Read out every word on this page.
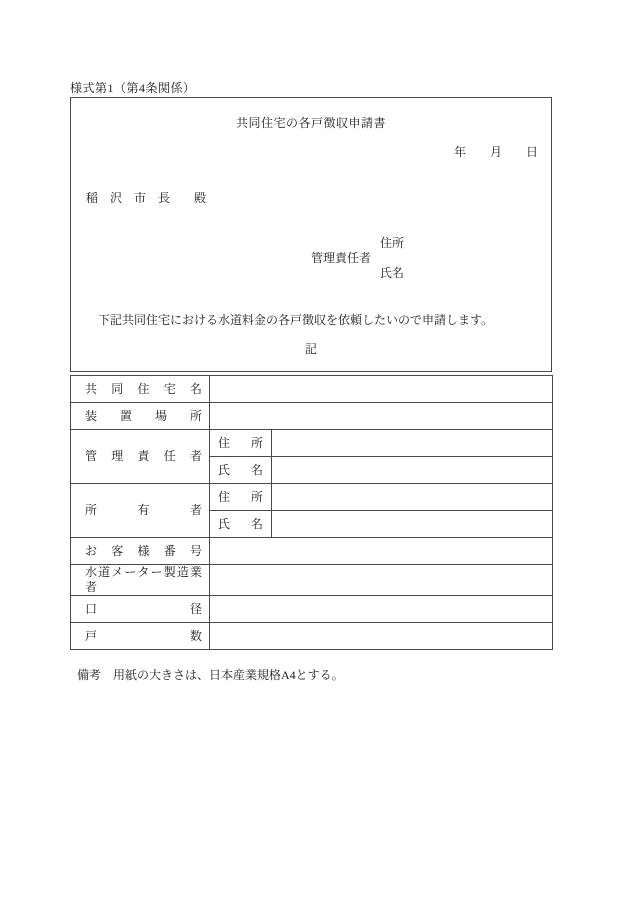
様式第1（第4条関係）
共同住宅の各戸徴収申請書
年　　月　　日
稲　沢　市　長　　殿
管理責任者
住所
氏名
　下記共同住宅における水道料金の各戸徴収を依頼したいので申請します。
記
共同住宅名		
装置場所		
管理責任者	住所	
	氏名	
所有者	住所	
	氏名	
お客様番号		
水道メーター製造業者		
口径		
戸数		
備考　用紙の大きさは、日本産業規格A4とする。
